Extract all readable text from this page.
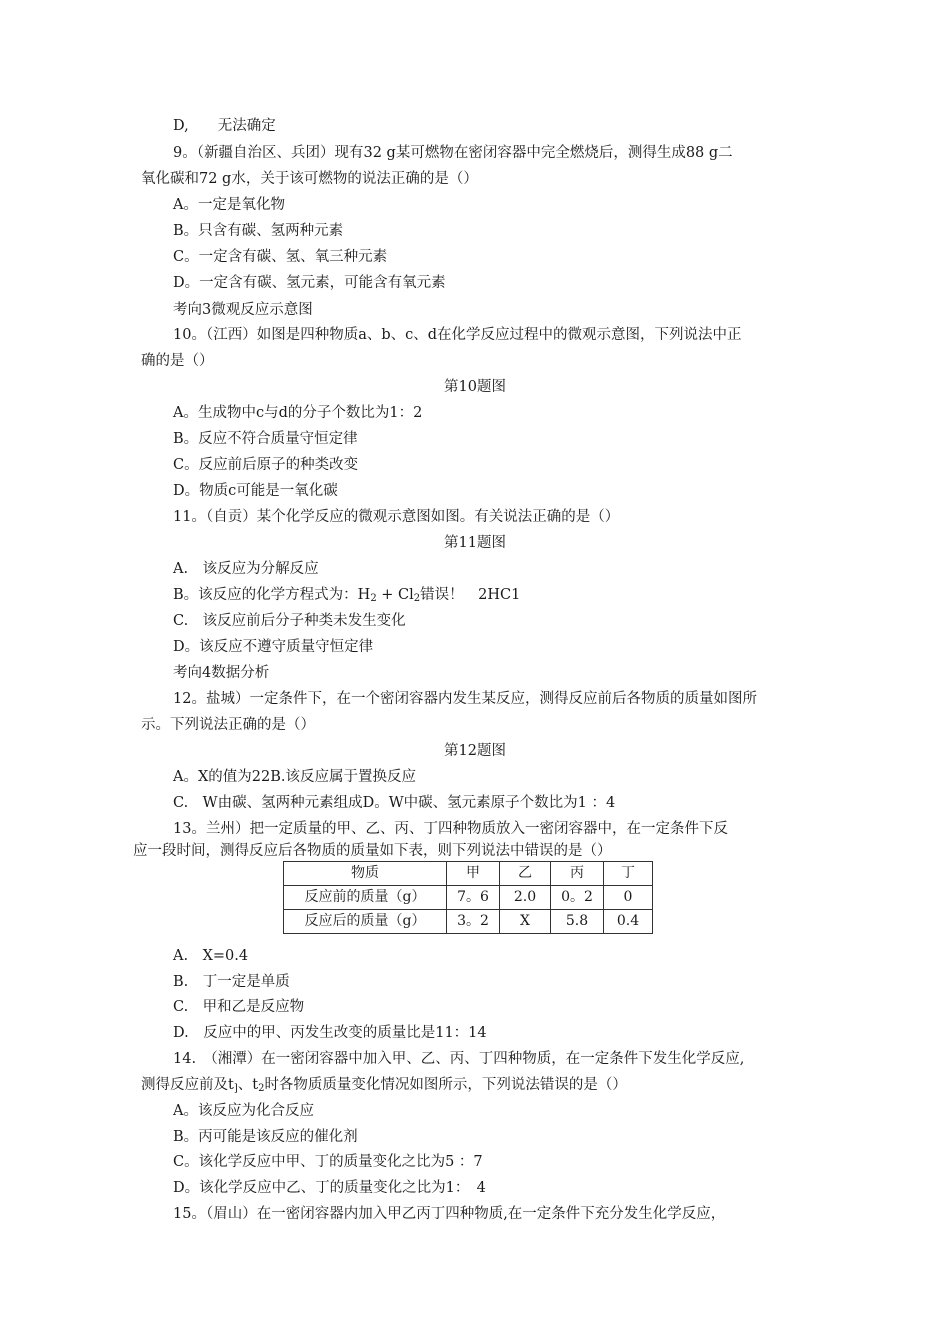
D,　　无法确定
9。（新疆自治区、兵团）现有32 g某可燃物在密闭容器中完全燃烧后，测得生成88 g二
氧化碳和72 g水，关于该可燃物的说法正确的是（）
A。一定是氧化物
B。只含有碳、氢两种元素
C。一定含有碳、氢、氧三种元素
D。一定含有碳、氢元素，可能含有氧元素
考向3微观反应示意图
10。（江西）如图是四种物质a、b、c、d在化学反应过程中的微观示意图，下列说法中正
确的是（）
第10题图
A。生成物中c与d的分子个数比为1：2
B。反应不符合质量守恒定律
C。反应前后原子的种类改变
D。物质c可能是一氧化碳
11。（自贡）某个化学反应的微观示意图如图。有关说法正确的是（）
第11题图
A.　该反应为分解反应
B。该反应的化学方程式为：$H_2 + Cl_2$错误！　2HC1
C.　该反应前后分子种类未发生变化
D。该反应不遵守质量守恒定律
考向4数据分析
12。盐城）一定条件下，在一个密闭容器内发生某反应，测得反应前后各物质的质量如图所
示。下列说法正确的是（）
第12题图
A。X的值为22B.该反应属于置换反应
C.　W由碳、氢两种元素组成D。W中碳、氢元素原子个数比为1 ：4
13。兰州）把一定质量的甲、乙、丙、丁四种物质放入一密闭容器中，在一定条件下反
应一段时间，测得反应后各物质的质量如下表，则下列说法中错误的是（）
物质	甲	乙	丙	丁
反应前的质量（g）	7。6	2.0	0。2	0
反应后的质量（g）	3。2	X	5.8	0.4
A.　X=0.4
B.　丁一定是单质
C.　甲和乙是反应物
D.　反应中的甲、丙发生改变的质量比是11：14
14.　（湘潭）在一密闭容器中加入甲、乙、丙、丁四种物质，在一定条件下发生化学反应,
测得反应前及$t_]$、$t_2$时各物质质量变化情况如图所示，下列说法错误的是（）
A。该反应为化合反应
B。丙可能是该反应的催化剂
C。该化学反应中甲、丁的质量变化之比为5 ：7
D。该化学反应中乙、丁的质量变化之比为1：　4
15。（眉山）在一密闭容器内加入甲乙丙丁四种物质,在一定条件下充分发生化学反应，
